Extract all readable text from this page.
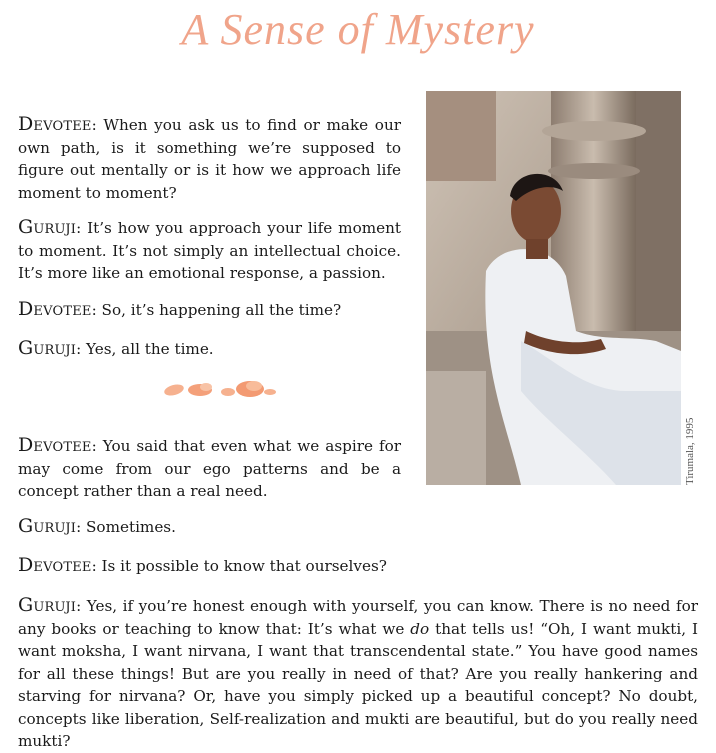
A Sense of Mystery

Devotee: When you ask us to find or make our own path, is it something we’re supposed to figure out mentally or is it how we approach life moment to moment?

Guruji: It’s how you approach your life moment to moment. It’s not simply an intellectual choice. It’s more like an emotional response, a passion.

Devotee: So, it’s happening all the time?

Guruji: Yes, all the time.

Devotee: You said that even what we aspire for may come from our ego patterns and be a concept rather than a real need.

Guruji: Sometimes.

Devotee: Is it possible to know that ourselves?

Guruji: Yes, if you’re honest enough with yourself, you can know. There is no need for any books or teaching to know that: It’s what we do that tells us! “Oh, I want mukti, I want moksha, I want nirvana, I want that transcendental state.” You have good names for all these things! But are you really in need of that? Are you really hankering and starving for nirvana? Or, have you simply picked up a beautiful concept? No doubt, concepts like liberation, Self-realization and mukti are beautiful, but do you really need mukti?

Tirumala, 1995
